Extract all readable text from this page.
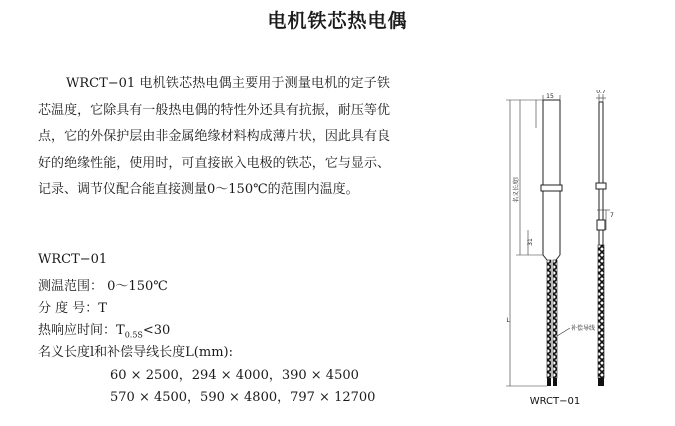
电机铁芯热电偶
WRCT−01 电机铁芯热电偶主要用于测量电机的定子铁芯温度，它除具有一般热电偶的特性外还具有抗振，耐压等优点，它的外保护层由非金属绝缘材料构成薄片状，因此具有良好的绝缘性能，使用时，可直接嵌入电极的铁芯，它与显示、记录、调节仪配合能直接测量0～150℃的范围内温度。
WRCT−01
测温范围： 0～150℃
分 度 号：T
热响应时间：$T_{0.5S}<30$
名义长度l和补偿导线长度L(mm):
60 × 2500，294 × 4000，390 × 4500
570 × 4500，590 × 4800，797 × 12700
15
0.7
名义长度l
31
7
L
补偿导线
WRCT−01
